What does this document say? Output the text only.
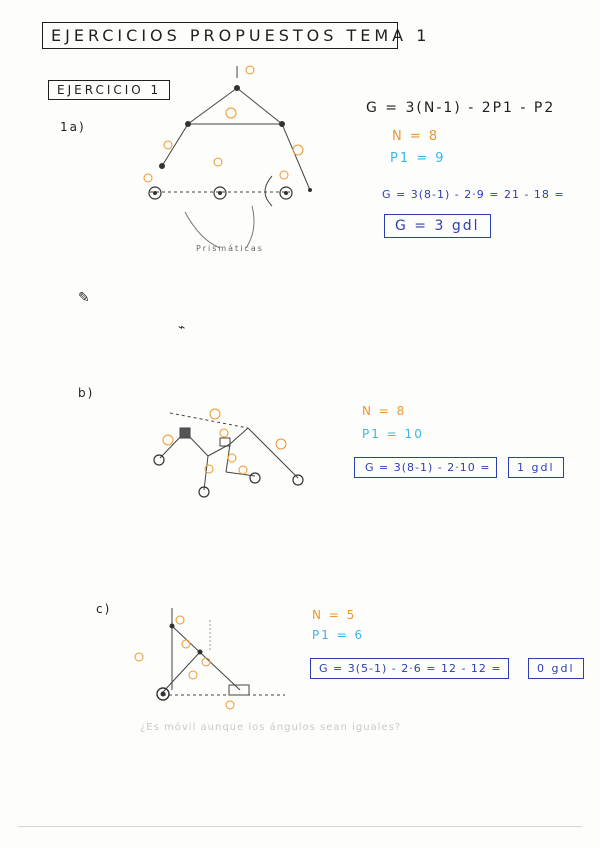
EJERCICIOS PROPUESTOS TEMA 1
EJERCICIO 1
1a)
Prismáticas
G = 3(N-1) - 2P1 - P2
N = 8
P1 = 9
G = 3(8-1) - 2·9 = 21 - 18 =
G = 3 gdl
✎
⌁
b)
N = 8
P1 = 10
G = 3(8-1) - 2·10 =	1 gdl
c)	N = 5
P1 = 6
G = 3(5-1) - 2·6 = 12 - 12 =	0 gdl
¿Es móvil aunque los ángulos sean iguales?
